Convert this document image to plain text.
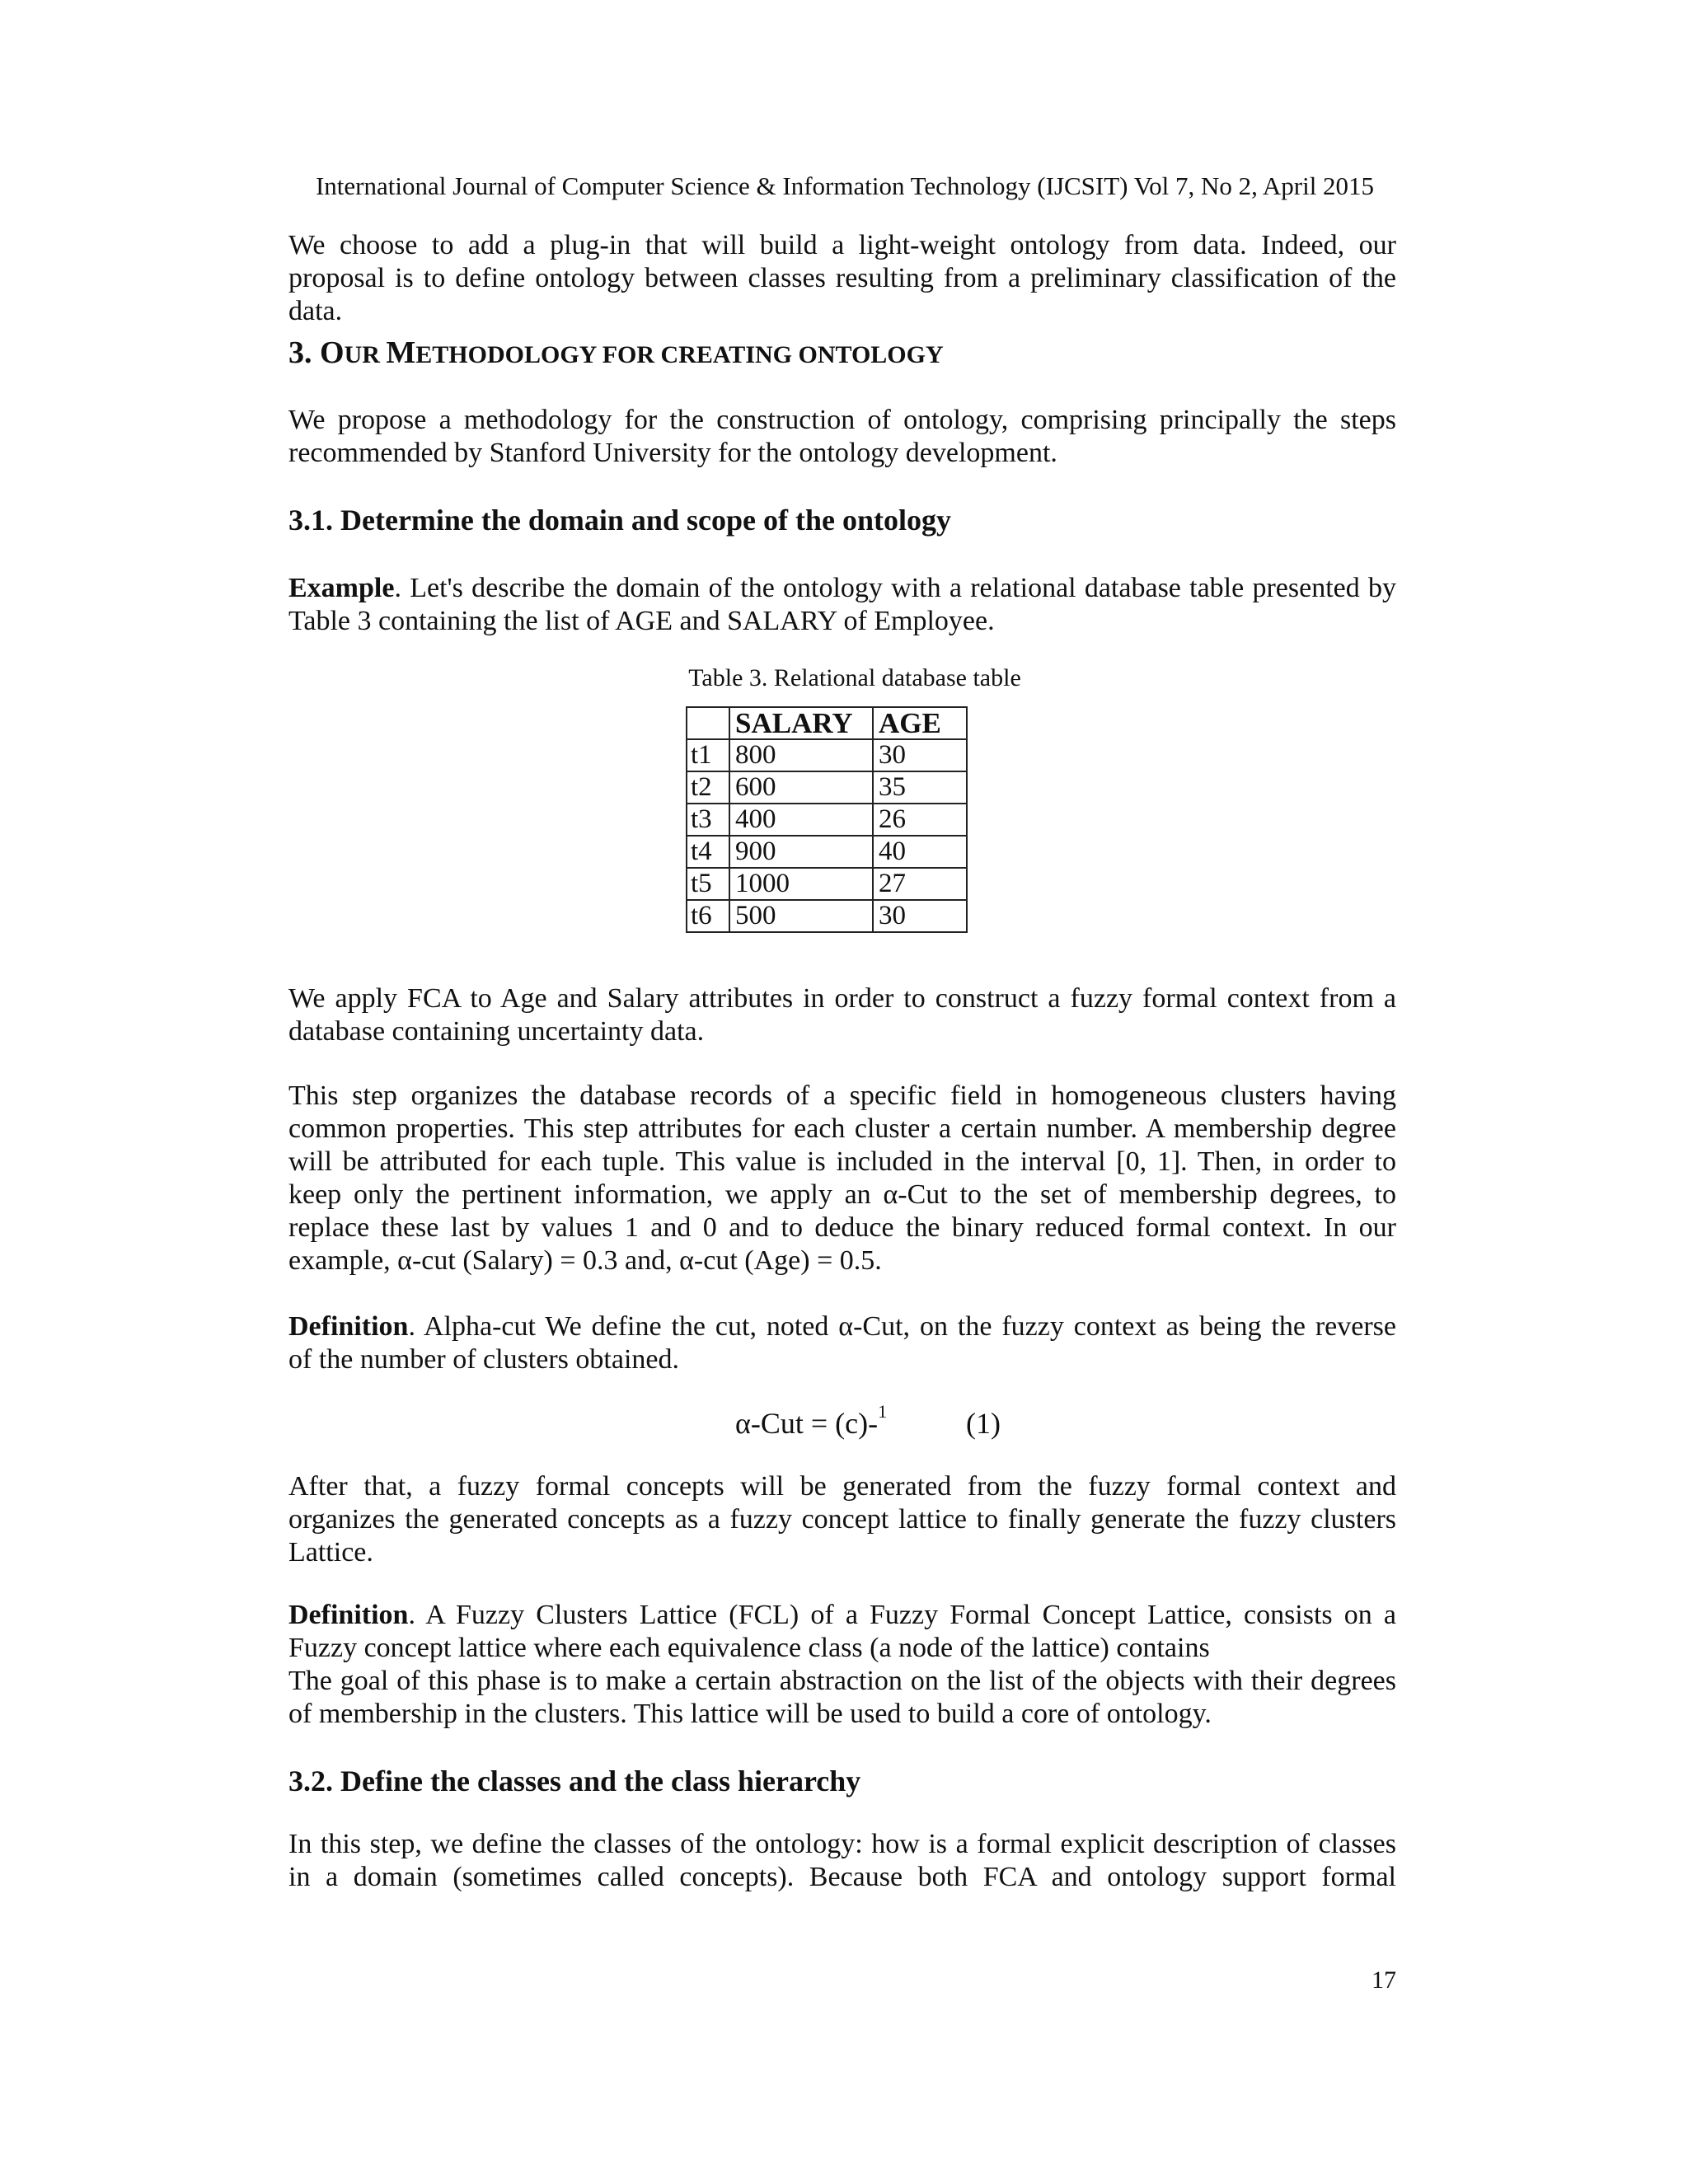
International Journal of Computer Science & Information Technology (IJCSIT) Vol 7, No 2, April 2015

We choose to add a plug-in that will build a light-weight ontology from data. Indeed, our
proposal is to define ontology between classes resulting from a preliminary classification of the
data.

3. OUR METHODOLOGY FOR CREATING ONTOLOGY

We propose a methodology for the construction of ontology, comprising principally the steps
recommended by Stanford University for the ontology development.

3.1. Determine the domain and scope of the ontology

Example. Let's describe the domain of the ontology with a relational database table presented by
Table 3 containing the list of AGE and SALARY of Employee.

Table 3. Relational database table

	SALARY	AGE
t1	800	30
t2	600	35
t3	400	26
t4	900	40
t5	1000	27
t6	500	30

We apply FCA to Age and Salary attributes in order to construct a fuzzy formal context from a
database containing uncertainty data.

This step organizes the database records of a specific field in homogeneous clusters having
common properties. This step attributes for each cluster a certain number. A membership degree
will be attributed for each tuple. This value is included in the interval [0, 1]. Then, in order to
keep only the pertinent information, we apply an α-Cut to the set of membership degrees, to
replace these last by values 1 and 0 and to deduce the binary reduced formal context. In our
example, α-cut (Salary) = 0.3 and, α-cut (Age) = 0.5.

Definition. Alpha-cut We define the cut, noted α-Cut, on the fuzzy context as being the reverse
of the number of clusters obtained.

α-Cut = (c)-$^1$	(1)

After that, a fuzzy formal concepts will be generated from the fuzzy formal context and
organizes the generated concepts as a fuzzy concept lattice to finally generate the fuzzy clusters
Lattice.

Definition. A Fuzzy Clusters Lattice (FCL) of a Fuzzy Formal Concept Lattice, consists on a
Fuzzy concept lattice where each equivalence class (a node of the lattice) contains
The goal of this phase is to make a certain abstraction on the list of the objects with their degrees
of membership in the clusters. This lattice will be used to build a core of ontology.

3.2. Define the classes and the class hierarchy

In this step, we define the classes of the ontology: how is a formal explicit description of classes
in a domain (sometimes called concepts). Because both FCA and ontology support formal

17
